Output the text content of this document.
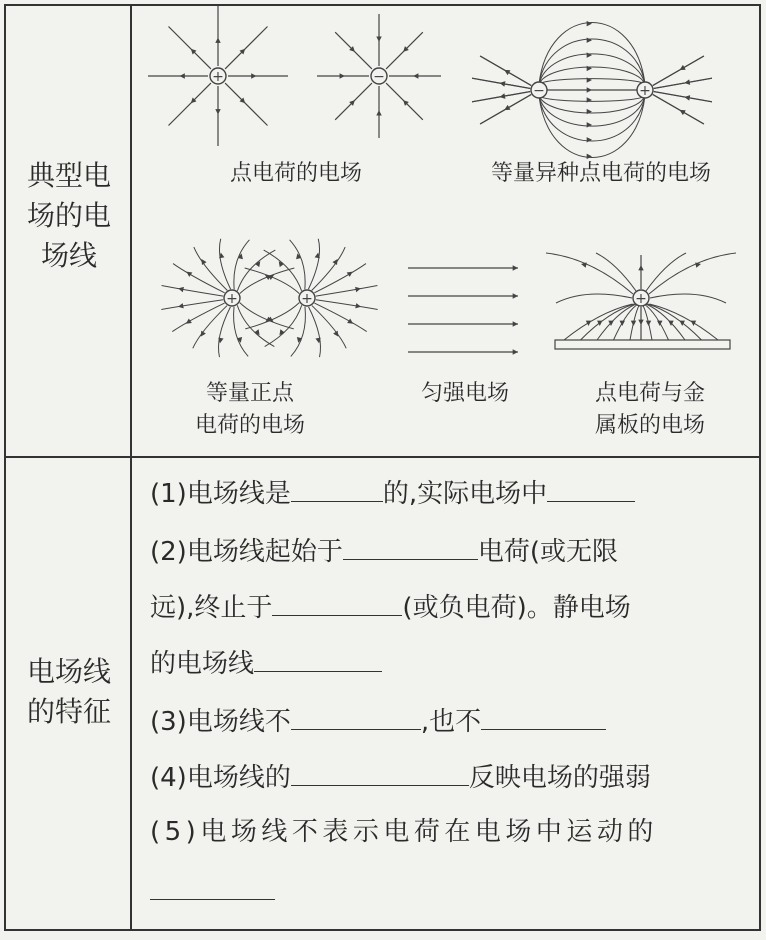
典型电
场的电
场线
电场线
的特征
+	−
−	+
+	+	+
点电荷的电场	等量异种点电荷的电场
等量正点
电荷的电场
匀强电场	点电荷与金
属板的电场
(1)电场线是	的,实际电场中
(2)电场线起始于	电荷(或无限
远),终止于	(或负电荷)。静电场
的电场线
(3)电场线不	,也不
(4)电场线的	反映电场的强弱
(5)电场线不表示电荷在电场中运动的
